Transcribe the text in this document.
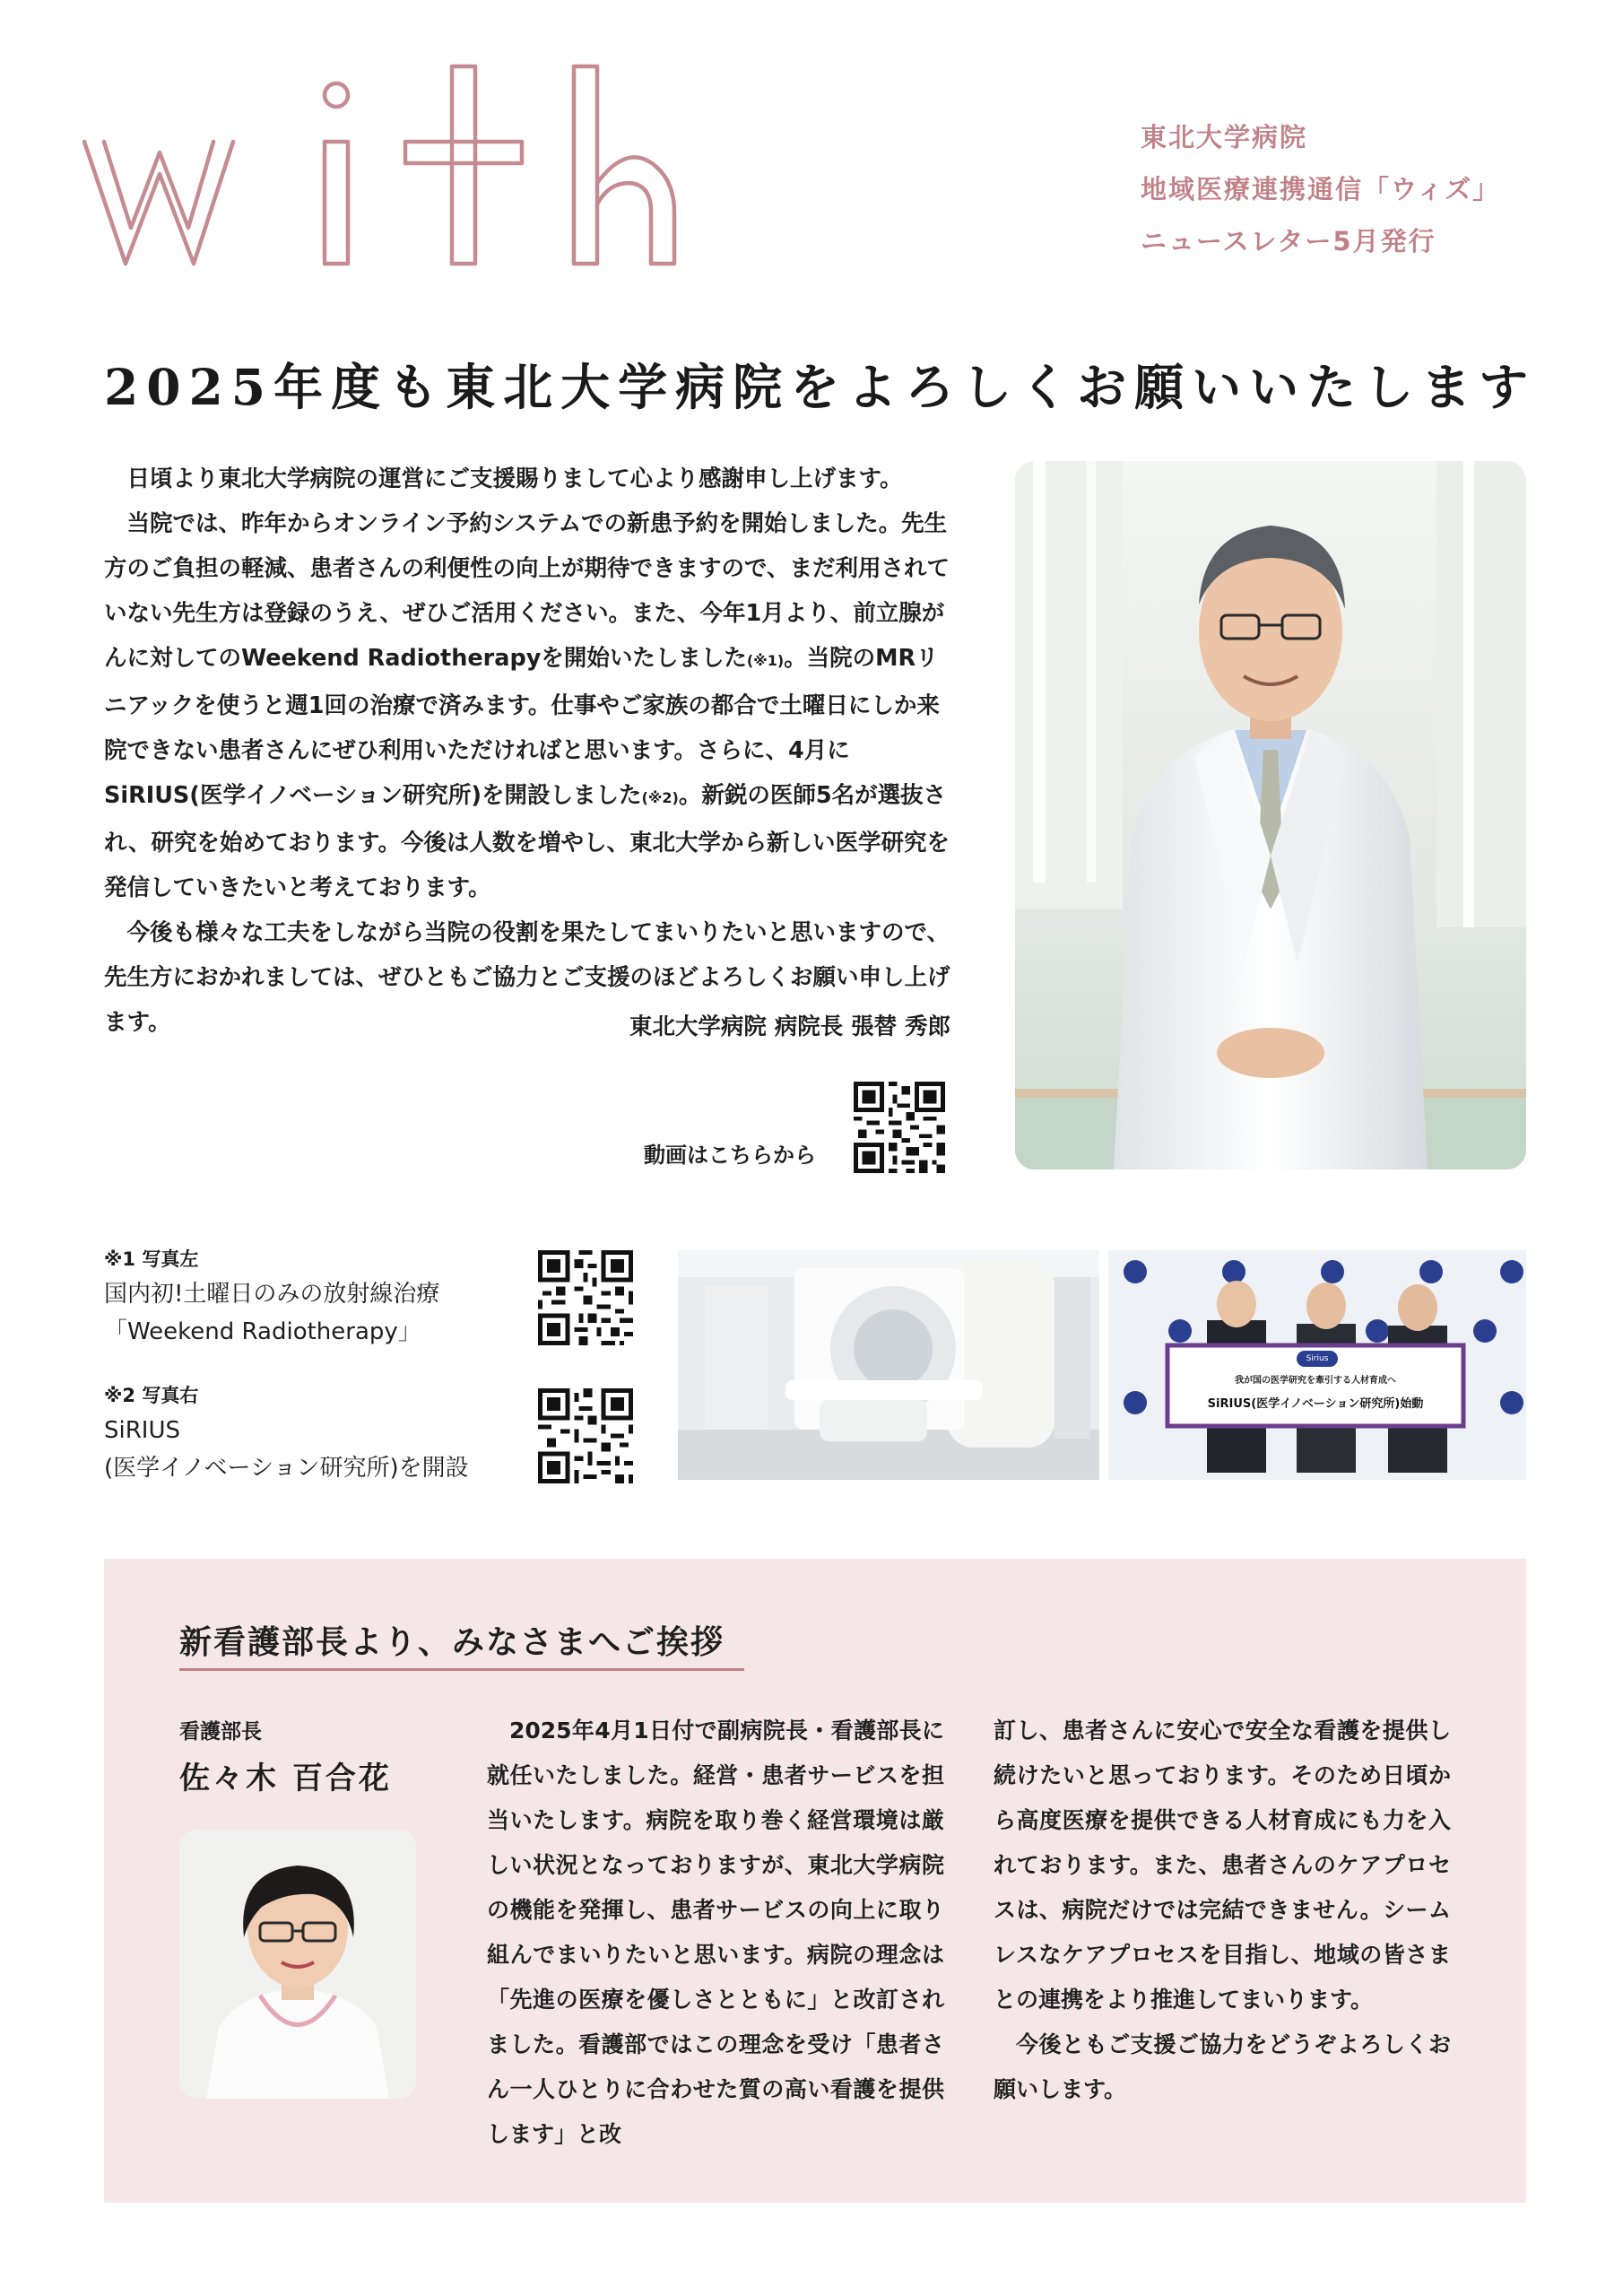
東北大学病院
地域医療連携通信「ウィズ」
ニュースレター5月発行
2025年度も東北大学病院をよろしくお願いいたします

日頃より東北大学病院の運営にご支援賜りまして心より感謝申し上げます。

当院では、昨年からオンライン予約システムでの新患予約を開始しました。先生方のご負担の軽減、患者さんの利便性の向上が期待できますので、まだ利用されていない先生方は登録のうえ、ぜひご活用ください。また、今年1月より、前立腺がんに対してのWeekend Radiotherapyを開始いたしました(※1)。当院のMRリニアックを使うと週1回の治療で済みます。仕事やご家族の都合で土曜日にしか来院できない患者さんにぜひ利用いただければと思います。さらに、4月にSiRIUS(医学イノベーション研究所)を開設しました(※2)。新鋭の医師5名が選抜され、研究を始めております。今後は人数を増やし、東北大学から新しい医学研究を発信していきたいと考えております。

今後も様々な工夫をしながら当院の役割を果たしてまいりたいと思いますので、先生方におかれましては、ぜひともご協力とご支援のほどよろしくお願い申し上げます。	東北大学病院 病院長 張替 秀郎
動画はこちらから
※1 写真左
国内初!土曜日のみの放射線治療
「Weekend Radiotherapy」
※2 写真右
SiRIUS
(医学イノベーション研究所)を開設
我が国の医学研究を牽引する人材育成へ
SiRIUS(医学イノベーション研究所)始動
Sirius
新看護部長より、みなさまへご挨拶
看護部長
佐々木 百合花

2025年4月1日付で副病院長・看護部長に就任いたしました。経営・患者サービスを担当いたします。病院を取り巻く経営環境は厳しい状況となっておりますが、東北大学病院の機能を発揮し、患者サービスの向上に取り組んでまいりたいと思います。病院の理念は「先進の医療を優しさとともに」と改訂されました。看護部ではこの理念を受け「患者さん一人ひとりに合わせた質の高い看護を提供します」と改

訂し、患者さんに安心で安全な看護を提供し続けたいと思っております。そのため日頃から高度医療を提供できる人材育成にも力を入れております。また、患者さんのケアプロセスは、病院だけでは完結できません。シームレスなケアプロセスを目指し、地域の皆さまとの連携をより推進してまいります。

今後ともご支援ご協力をどうぞよろしくお願いします。
